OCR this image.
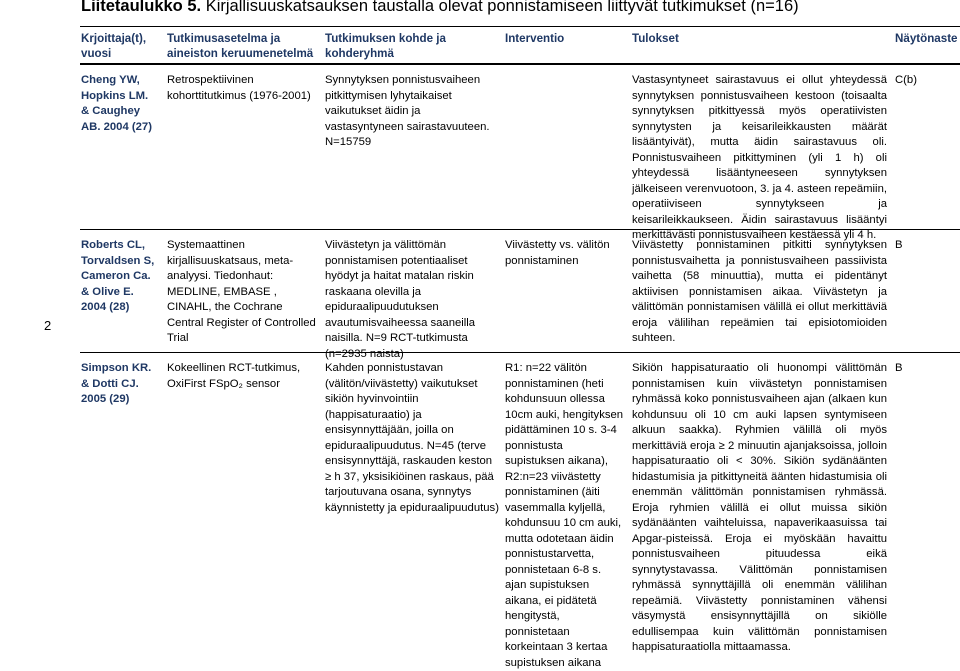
Liitetaulukko 5. Kirjallisuuskatsauksen taustalla olevat ponnistamiseen liittyvät tutkimukset (n=16)
Krjoittaja(t), vuosi
Tutkimusasetelma ja aineiston keruumenetelmä
Tutkimuksen kohde ja kohderyhmä
Interventio	Tulokset	Näytönaste
Cheng YW, Hopkins LM. & Caughey AB. 2004 (27)
Retrospektiivinen kohorttitutkimus (1976-2001)
Synnytyksen ponnistusvaiheen pitkittymisen lyhytaikaiset vaikutukset äidin ja vastasyntyneen sairastavuuteen. N=15759
Vastasyntyneet sairastavuus ei ollut yhteydessä synnytyksen ponnistusvaiheen kestoon (toisaalta synnytyksen pitkittyessä myös operatiivisten synnytysten ja keisarileikkausten määrät lisääntyivät), mutta äidin sairastavuus oli. Ponnistusvaiheen pitkittyminen (yli 1 h) oli yhteydessä lisääntyneeseen synnytyksen jälkeiseen verenvuotoon, 3. ja 4. asteen repeämiin, operatiiviseen synnytykseen ja keisarileikkaukseen. Äidin sairastavuus lisääntyi merkittävästi ponnistusvaiheen kestäessä yli 4 h.
C(b)
2
Roberts CL, Torvaldsen S, Cameron Ca. & Olive E. 2004 (28)
Systemaattinen kirjallisuuskatsaus, meta-analyysi. Tiedonhaut: MEDLINE, EMBASE , CINAHL, the Cochrane Central Register of Controlled Trial
Viivästetyn ja välittömän ponnistamisen potentiaaliset hyödyt ja haitat matalan riskin raskaana olevilla ja epiduraalipuudutuksen avautumisvaiheessa saaneilla naisilla. N=9 RCT-tutkimusta (n=2935 naista)
Viivästetty vs. välitön ponnistaminen
Viivästetty ponnistaminen pitkitti synnytyksen ponnistusvaihetta ja ponnistusvaiheen passiivista vaihetta (58 minuuttia), mutta ei pidentänyt aktiivisen ponnistamisen aikaa. Viivästetyn ja välittömän ponnistamisen välillä ei ollut merkittäviä eroja välilihan repeämien tai episiotomioiden suhteen.
B
Simpson KR. & Dotti CJ. 2005 (29)
Kokeellinen RCT-tutkimus, OxiFirst FSpO₂ sensor
Kahden ponnistustavan (välitön/viivästetty) vaikutukset sikiön hyvinvointiin (happisaturaatio) ja ensisynnyttäjään, joilla on epiduraalipuudutus. N=45 (terve ensisynnyttäjä, raskauden keston ≥ h 37, yksisikiöinen raskaus, pää tarjoutuvana osana, synnytys käynnistetty ja epiduraalipuudutus)
R1: n=22 välitön ponnistaminen (heti kohdunsuun ollessa 10cm auki, hengityksen pidättäminen 10 s. 3-4 ponnistusta supistuksen aikana), R2:n=23 viivästetty ponnistaminen (äiti vasemmalla kyljellä, kohdunsuu 10 cm auki, mutta odotetaan äidin ponnistustarvetta, ponnistetaan 6-8 s. ajan supistuksen aikana, ei pidätetä hengitystä, ponnistetaan korkeintaan 3 kertaa supistuksen aikana
Sikiön happisaturaatio oli huonompi välittömän ponnistamisen kuin viivästetyn ponnistamisen ryhmässä koko ponnistusvaiheen ajan (alkaen kun kohdunsuu oli 10 cm auki lapsen syntymiseen alkuun saakka). Ryhmien välillä oli myös merkittäviä eroja ≥ 2 minuutin ajanjaksoissa, jolloin happisaturaatio oli < 30%. Sikiön sydänäänten hidastumisia ja pitkittyneitä äänten hidastumisia oli enemmän välittömän ponnistamisen ryhmässä. Eroja ryhmien välillä ei ollut muissa sikiön sydänäänten vaihteluissa, napaverikaasuissa tai Apgar-pisteissä. Eroja ei myöskään havaittu ponnistusvaiheen pituudessa eikä synnytystavassa. Välittömän ponnistamisen ryhmässä synnyttäjillä oli enemmän välilihan repeämiä. Viivästetty ponnistaminen vähensi väsymystä ensisynnyttäjillä on sikiölle edullisempaa kuin välittömän ponnistamisen happisaturaatiolla mittaamassa.
B
